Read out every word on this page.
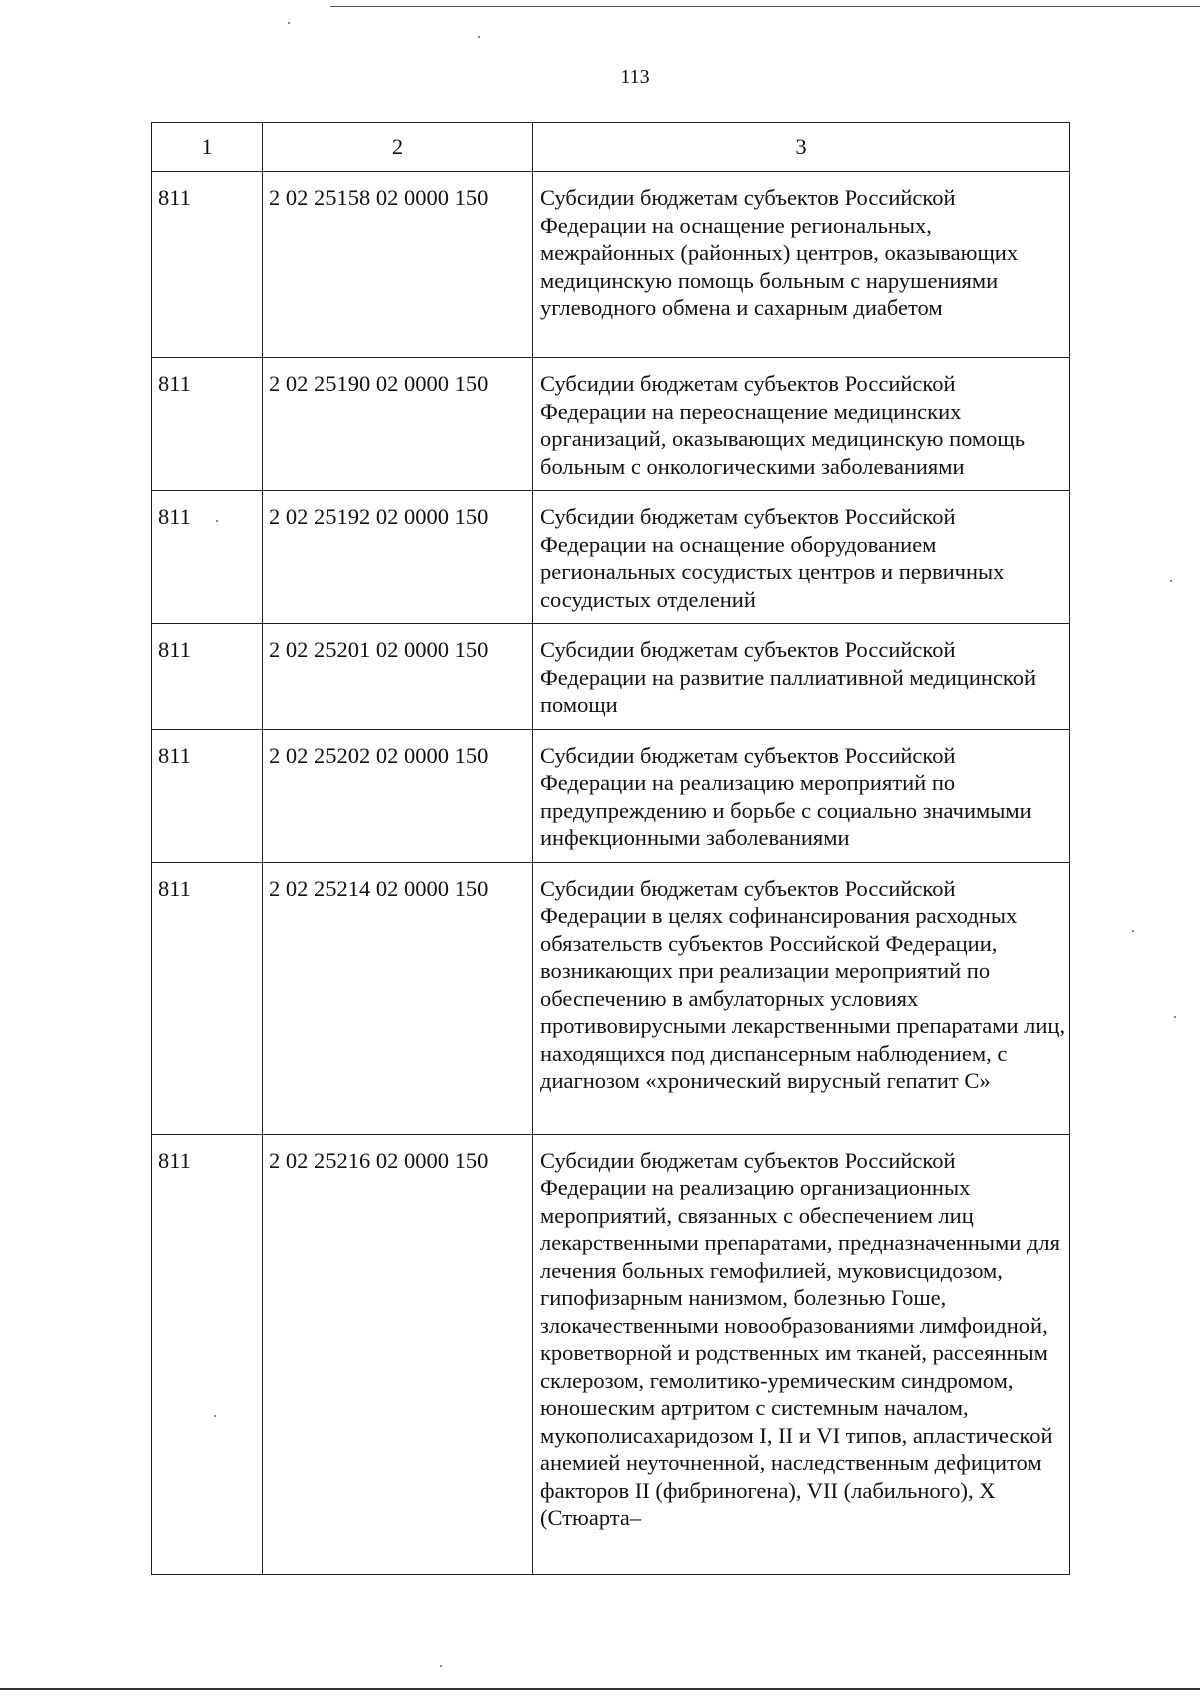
113
1	2	3

811	2 02 25158 02 0000 150	Субсидии бюджетам субъектов Российской Федерации на оснащение региональных, межрайонных (районных) центров, оказывающих медицинскую помощь больным с нарушениями углеводного обмена и сахарным диабетом

811	2 02 25190 02 0000 150	Субсидии бюджетам субъектов Российской Федерации на переоснащение медицинских организаций, оказывающих медицинскую помощь больным с онкологическими заболеваниями

811	2 02 25192 02 0000 150	Субсидии бюджетам субъектов Российской Федерации на оснащение оборудованием региональных сосудистых центров и первичных сосудистых отделений

811	2 02 25201 02 0000 150	Субсидии бюджетам субъектов Российской Федерации на развитие паллиативной медицинской помощи

811	2 02 25202 02 0000 150	Субсидии бюджетам субъектов Российской Федерации на реализацию мероприятий по предупреждению и борьбе с социально значимыми инфекционными заболеваниями

811	2 02 25214 02 0000 150	Субсидии бюджетам субъектов Российской Федерации в целях софинансирования расходных обязательств субъектов Российской Федерации, возникающих при реализации мероприятий по обеспечению в амбулаторных условиях противовирусными лекарственными препаратами лиц, находящихся под диспансерным наблюдением, с диагнозом «хронический вирусный гепатит С»

811	2 02 25216 02 0000 150	Субсидии бюджетам субъектов Российской Федерации на реализацию организационных мероприятий, связанных с обеспечением лиц лекарственными препаратами, предназначенными для лечения больных гемофилией, муковисцидозом, гипофизарным нанизмом, болезнью Гоше, злокачественными новообразованиями лимфоидной, кроветворной и родственных им тканей, рассеянным склерозом, гемолитико-уремическим синдромом, юношеским артритом с системным началом, мукополисахаридозом I, II и VI типов, апластической анемией неуточненной, наследственным дефицитом факторов II (фибриногена), VII (лабильного), X (Стюарта–
